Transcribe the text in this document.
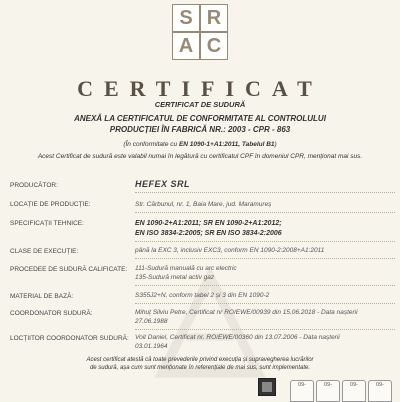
S R
A C
CERTIFICAT
CERTIFICAT DE SUDURĂ
ANEXĂ LA CERTIFICATUL DE CONFORMITATE AL CONTROLULUI
PRODUCȚIEI ÎN FABRICĂ NR.: 2003 - CPR - 863
(În conformitate cu EN 1090-1+A1:2011, Tabelul B1)
Acest Certificat de sudură este valabil numai în legătură cu certificatul CPF în domeniul CPR, menționat mai sus.
PRODUCĂTOR:	HEFEX SRL
LOCAȚIE DE PRODUCȚIE:	Str. Cărbunul, nr. 1, Baia Mare, jud. Maramureș
SPECIFICAȚII TEHNICE:	EN 1090-2+A1:2011; SR EN 1090-2+A1:2012;
EN ISO 3834-2:2005; SR EN ISO 3834-2:2006
CLASE DE EXECUȚIE:	până la EXC 3, inclusiv EXC3, conform EN 1090-2:2008+A1:2011
PROCEDEE DE SUDURĂ CALIFICATE:	111-Sudură manuală cu arc electric
135-Sudură metal activ gaz
MATERIAL DE BAZĂ:	S355J2+N, conform tabel 2 și 3 din EN 1090-2
COORDONATOR SUDURĂ:	Mihuț Silviu Petre, Certificat nr RO/EWE/00939 din 15.06.2018 - Data nașterii
27.06.1988
LOCȚIITOR COORDONATOR SUDURĂ: Voit Daniel, Certificat nr. RO/EWE/00360 din 13.07.2006 - Data nașterii
03.01.1964
Acest certificat atestă că toate prevederile privind execuția și supravegherea lucrărilor
de sudură, așa cum sunt menționate în referențiale de mai sus, sunt implementate.
09-	09-	09-	09-
